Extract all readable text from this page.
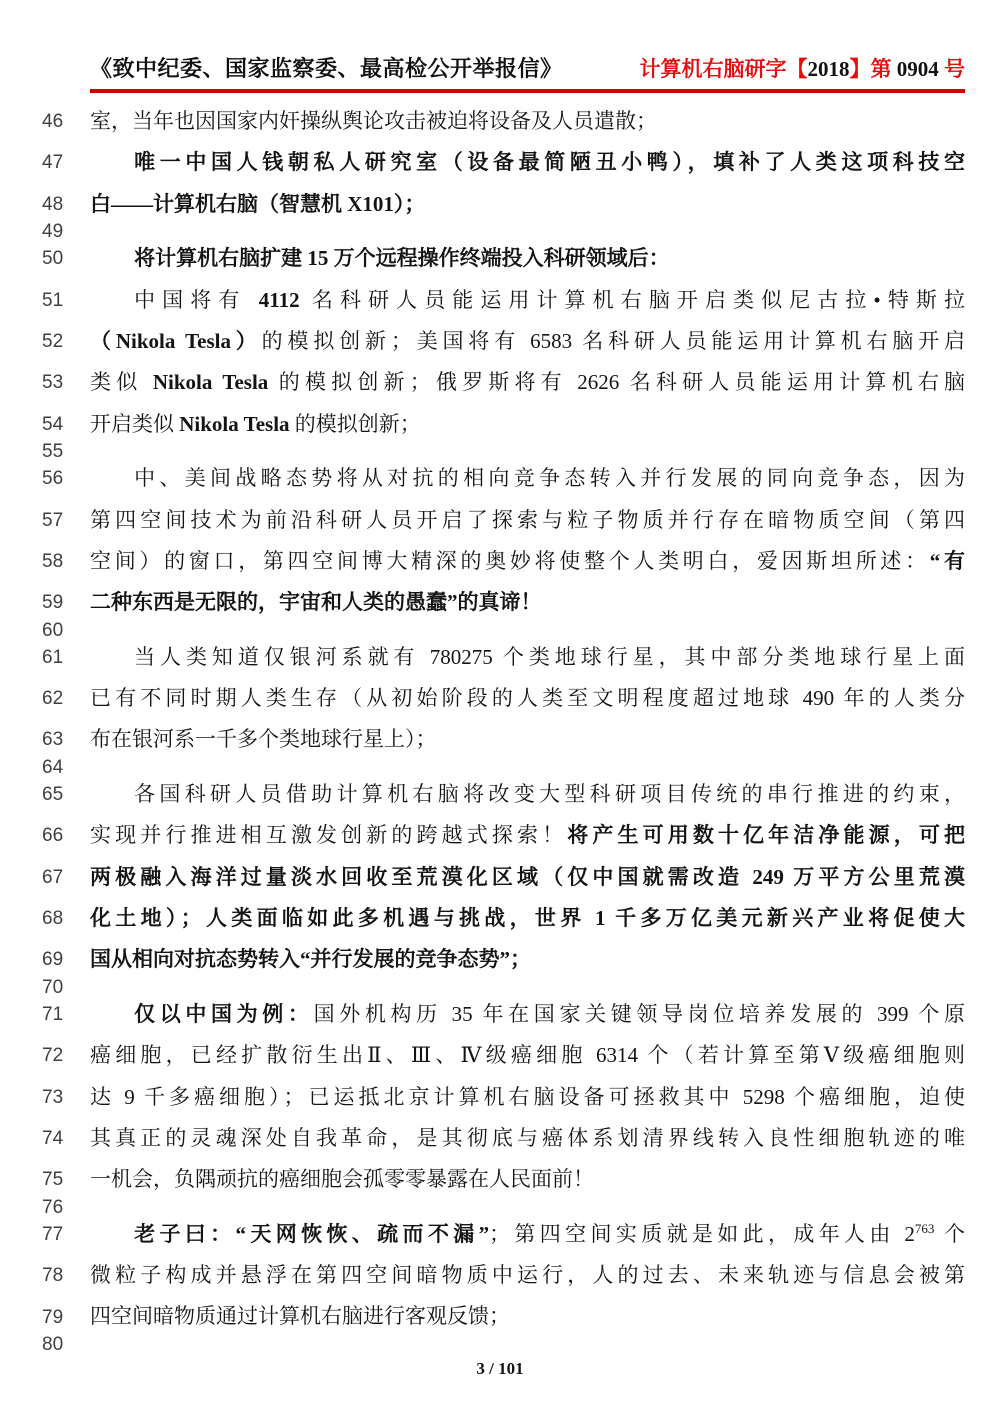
《致中纪委、国家监察委、最高检公开举报信》	计算机右脑研字【2018】第 0904 号
46	室，当年也因国家内奸操纵舆论攻击被迫将设备及人员遣散；
47	唯一中国人钱朝私人研究室（设备最简陋丑小鸭），填补了人类这项科技空
48	白——计算机右脑（智慧机 X101）；
49
50	将计算机右脑扩建 15 万个远程操作终端投入科研领域后：
51	中国将有 4112 名科研人员能运用计算机右脑开启类似尼古拉•特斯拉
52	（Nikola Tesla）的模拟创新；美国将有 6583 名科研人员能运用计算机右脑开启
53	类似 Nikola Tesla 的模拟创新；俄罗斯将有 2626 名科研人员能运用计算机右脑
54	开启类似 Nikola Tesla 的模拟创新；
55
56	中、美间战略态势将从对抗的相向竞争态转入并行发展的同向竞争态，因为
57	第四空间技术为前沿科研人员开启了探索与粒子物质并行存在暗物质空间（第四
58	空间）的窗口，第四空间博大精深的奥妙将使整个人类明白，爱因斯坦所述：“有
59	二种东西是无限的，宇宙和人类的愚蠢”的真谛！
60
61	当人类知道仅银河系就有 780275 个类地球行星，其中部分类地球行星上面
62	已有不同时期人类生存（从初始阶段的人类至文明程度超过地球 490 年的人类分
63	布在银河系一千多个类地球行星上）；
64
65	各国科研人员借助计算机右脑将改变大型科研项目传统的串行推进的约束，
66	实现并行推进相互激发创新的跨越式探索！将产生可用数十亿年洁净能源，可把
67	两极融入海洋过量淡水回收至荒漠化区域（仅中国就需改造 249 万平方公里荒漠
68	化土地）；人类面临如此多机遇与挑战，世界 1 千多万亿美元新兴产业将促使大
69	国从相向对抗态势转入“并行发展的竞争态势”；
70
71	仅以中国为例：国外机构历 35 年在国家关键领导岗位培养发展的 399 个原
72	癌细胞，已经扩散衍生出Ⅱ、Ⅲ、Ⅳ级癌细胞 6314 个（若计算至第Ⅴ级癌细胞则
73	达 9 千多癌细胞）；已运抵北京计算机右脑设备可拯救其中 5298 个癌细胞，迫使
74	其真正的灵魂深处自我革命，是其彻底与癌体系划清界线转入良性细胞轨迹的唯
75	一机会，负隅顽抗的癌细胞会孤零零暴露在人民面前！
76
77	老子曰：“天网恢恢、疏而不漏”；第四空间实质就是如此，成年人由 $2^{763}$ 个
78	微粒子构成并悬浮在第四空间暗物质中运行，人的过去、未来轨迹与信息会被第
79	四空间暗物质通过计算机右脑进行客观反馈；
80
3 / 101
